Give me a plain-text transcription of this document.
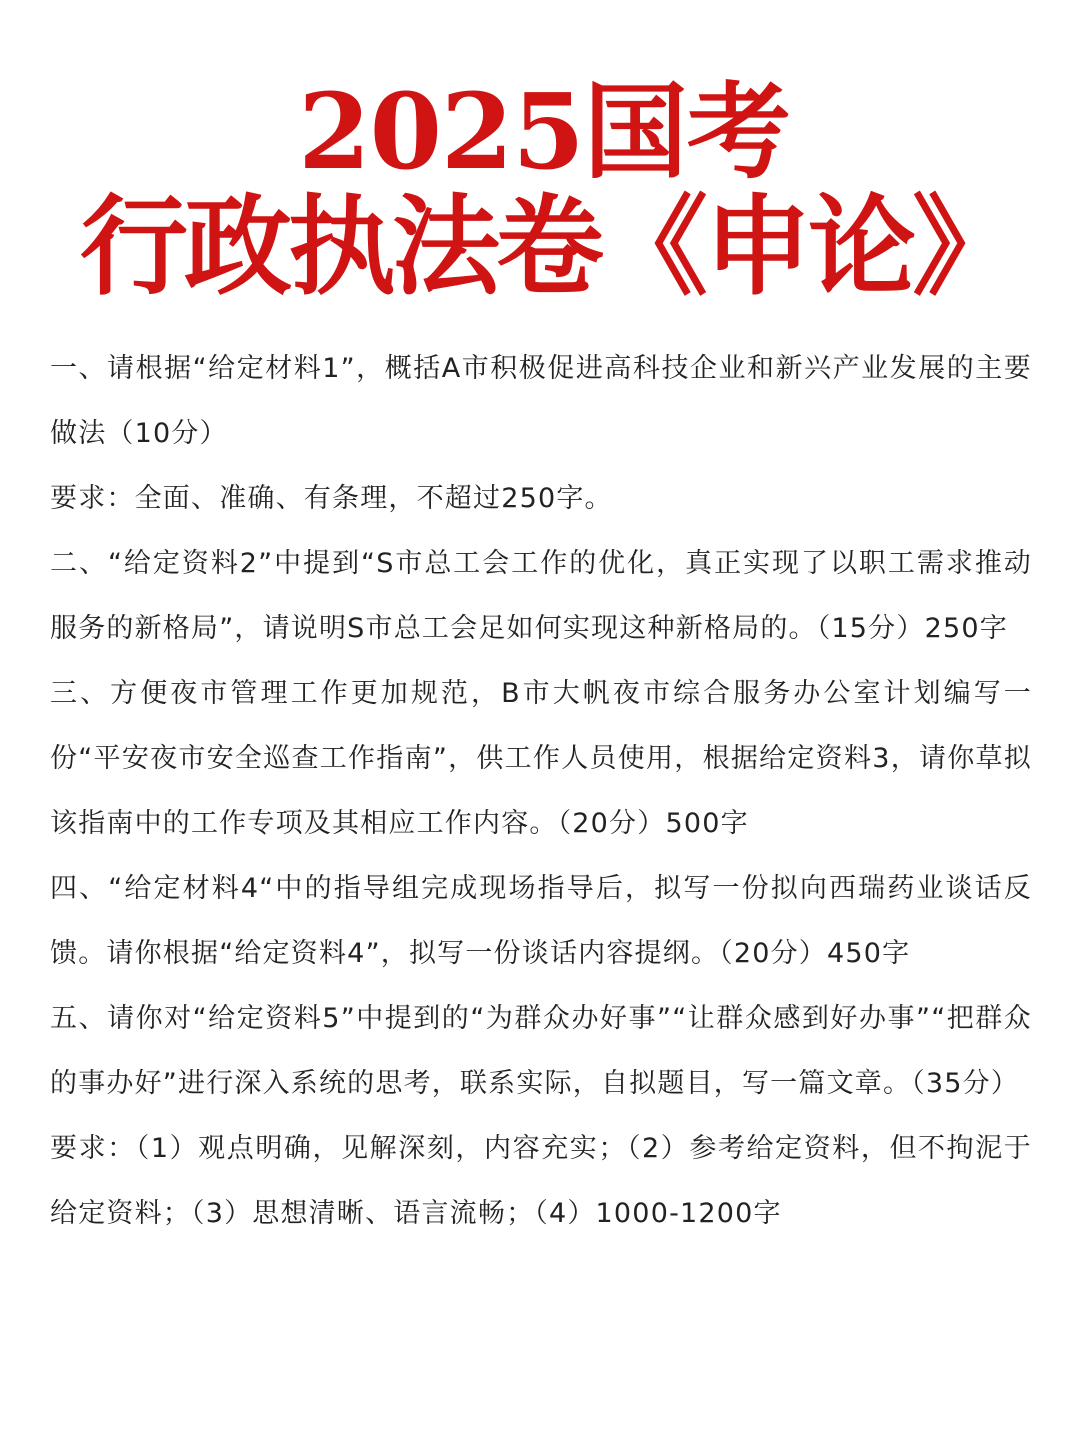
2025国考
行政执法卷《申论》

一、请根据“给定材料1”，概括A市积极促进高科技企业和新兴产业发展的主要做法（10分）

要求：全面、准确、有条理，不超过250字。

二、“给定资料2”中提到“S市总工会工作的优化，真正实现了以职工需求推动服务的新格局”，请说明S市总工会足如何实现这种新格局的。（15分）250字

三、方便夜市管理工作更加规范，B市大帆夜市综合服务办公室计划编写一份“平安夜市安全巡查工作指南”，供工作人员使用，根据给定资料3，请你草拟该指南中的工作专项及其相应工作内容。（20分）500字

四、“给定材料4“中的指导组完成现场指导后，拟写一份拟向西瑞药业谈话反馈。请你根据“给定资料4”，拟写一份谈话内容提纲。（20分）450字

五、请你对“给定资料5”中提到的“为群众办好事”“让群众感到好办事”“把群众的事办好”进行深入系统的思考，联系实际，自拟题目，写一篇文章。（35分）

要求：（1）观点明确，见解深刻，内容充实；（2）参考给定资料，但不拘泥于给定资料；（3）思想清晰、语言流畅；（4）1000-1200字
